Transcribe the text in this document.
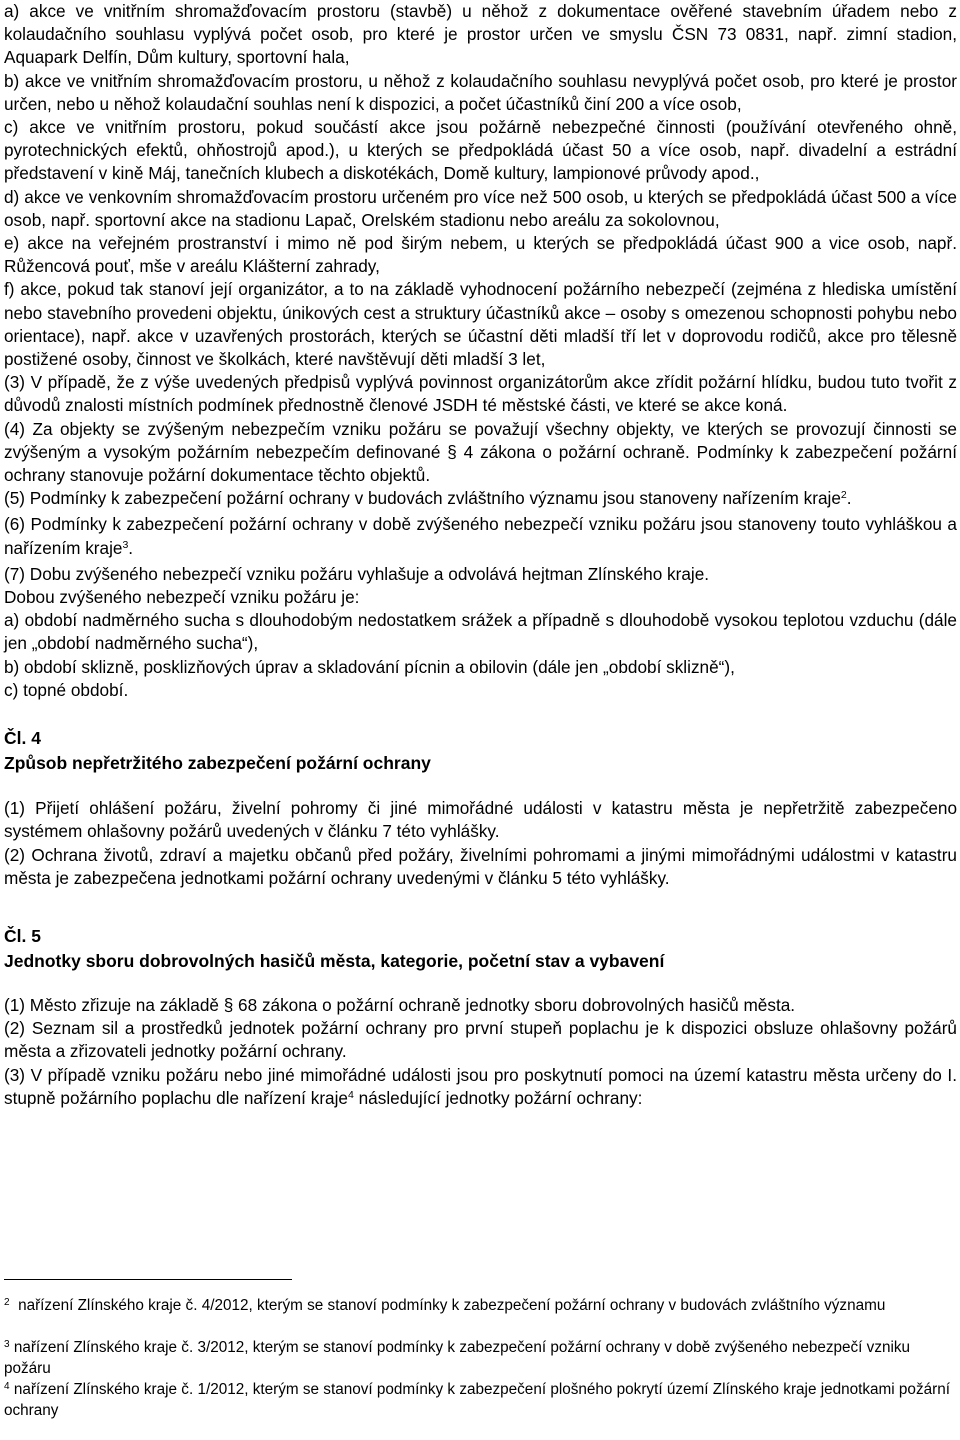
a) akce ve vnitřním shromažďovacím prostoru (stavbě) u něhož z dokumentace ověřené stavebním úřadem nebo z kolaudačního souhlasu vyplývá počet osob, pro které je prostor určen ve smyslu ČSN 73 0831, např. zimní stadion, Aquapark Delfín, Dům kultury, sportovní hala,

b) akce ve vnitřním shromažďovacím prostoru, u něhož z kolaudačního souhlasu nevyplývá počet osob, pro které je prostor určen, nebo u něhož kolaudační souhlas není k dispozici, a počet účastníků činí 200 a více osob,

c) akce ve vnitřním prostoru, pokud součástí akce jsou požárně nebezpečné činnosti (používání otevřeného ohně, pyrotechnických efektů, ohňostrojů apod.), u kterých se předpokládá účast 50 a více osob, např. divadelní a estrádní představení v kině Máj, tanečních klubech a diskotékách, Domě kultury, lampionové průvody apod.,

d) akce ve venkovním shromažďovacím prostoru určeném pro více než 500 osob, u kterých se předpokládá účast 500 a více osob, např. sportovní akce na stadionu Lapač, Orelském stadionu nebo areálu za sokolovnou,

e) akce na veřejném prostranství i mimo ně pod širým nebem, u kterých se předpokládá účast 900 a vice osob, např. Růžencová pouť, mše v areálu Klášterní zahrady,

f) akce, pokud tak stanoví její organizátor, a to na základě vyhodnocení požárního nebezpečí (zejména z hlediska umístění nebo stavebního provedeni objektu, únikových cest a struktury účastníků akce – osoby s omezenou schopnosti pohybu nebo orientace), např. akce v uzavřených prostorách, kterých se účastní děti mladší tří let v doprovodu rodičů, akce pro tělesně postižené osoby, činnost ve školkách, které navštěvují děti mladší 3 let,

(3) V případě, že z výše uvedených předpisů vyplývá povinnost organizátorům akce zřídit požární hlídku, budou tuto tvořit z důvodů znalosti místních podmínek přednostně členové JSDH té městské části, ve které se akce koná.

(4) Za objekty se zvýšeným nebezpečím vzniku požáru se považují všechny objekty, ve kterých se provozují činnosti se zvýšeným a vysokým požárním nebezpečím definované § 4 zákona o požární ochraně. Podmínky k zabezpečení požární ochrany stanovuje požární dokumentace těchto objektů.

(5) Podmínky k zabezpečení požární ochrany v budovách zvláštního významu jsou stanoveny nařízením kraje$^2$.

(6) Podmínky k zabezpečení požární ochrany v době zvýšeného nebezpečí vzniku požáru jsou stanoveny touto vyhláškou a nařízením kraje$^3$.

(7) Dobu zvýšeného nebezpečí vzniku požáru vyhlašuje a odvolává hejtman Zlínského kraje.

Dobou zvýšeného nebezpečí vzniku požáru je:

a) období nadměrného sucha s dlouhodobým nedostatkem srážek a případně s dlouhodobě vysokou teplotou vzduchu (dále jen „období nadměrného sucha“),

b) období sklizně, posklizňových úprav a skladování pícnin a obilovin (dále jen „období sklizně“),

c) topné období.

Čl. 4

Způsob nepřetržitého zabezpečení požární ochrany

(1) Přijetí ohlášení požáru, živelní pohromy či jiné mimořádné události v katastru města je nepřetržitě zabezpečeno systémem ohlašovny požárů uvedených v článku 7 této vyhlášky.

(2) Ochrana životů, zdraví a majetku občanů před požáry, živelními pohromami a jinými mimořádnými událostmi v katastru města je zabezpečena jednotkami požární ochrany uvedenými v článku 5 této vyhlášky.

Čl. 5

Jednotky sboru dobrovolných hasičů města, kategorie, početní stav a vybavení

(1) Město zřizuje na základě § 68 zákona o požární ochraně jednotky sboru dobrovolných hasičů města.

(2) Seznam sil a prostředků jednotek požární ochrany pro první stupeň poplachu je k dispozici obsluze ohlašovny požárů města a zřizovateli jednotky požární ochrany.

(3) V případě vzniku požáru nebo jiné mimořádné události jsou pro poskytnutí pomoci na území katastru města určeny do I. stupně požárního poplachu dle nařízení kraje$^4$ následující jednotky požární ochrany:

$^2$ nařízení Zlínského kraje č. 4/2012, kterým se stanoví podmínky k zabezpečení požární ochrany v budovách zvláštního významu
$^3$ nařízení Zlínského kraje č. 3/2012, kterým se stanoví podmínky k zabezpečení požární ochrany v době zvýšeného nebezpečí vzniku požáru
$^4$ nařízení Zlínského kraje č. 1/2012, kterým se stanoví podmínky k zabezpečení plošného pokrytí území Zlínského kraje jednotkami požární ochrany
